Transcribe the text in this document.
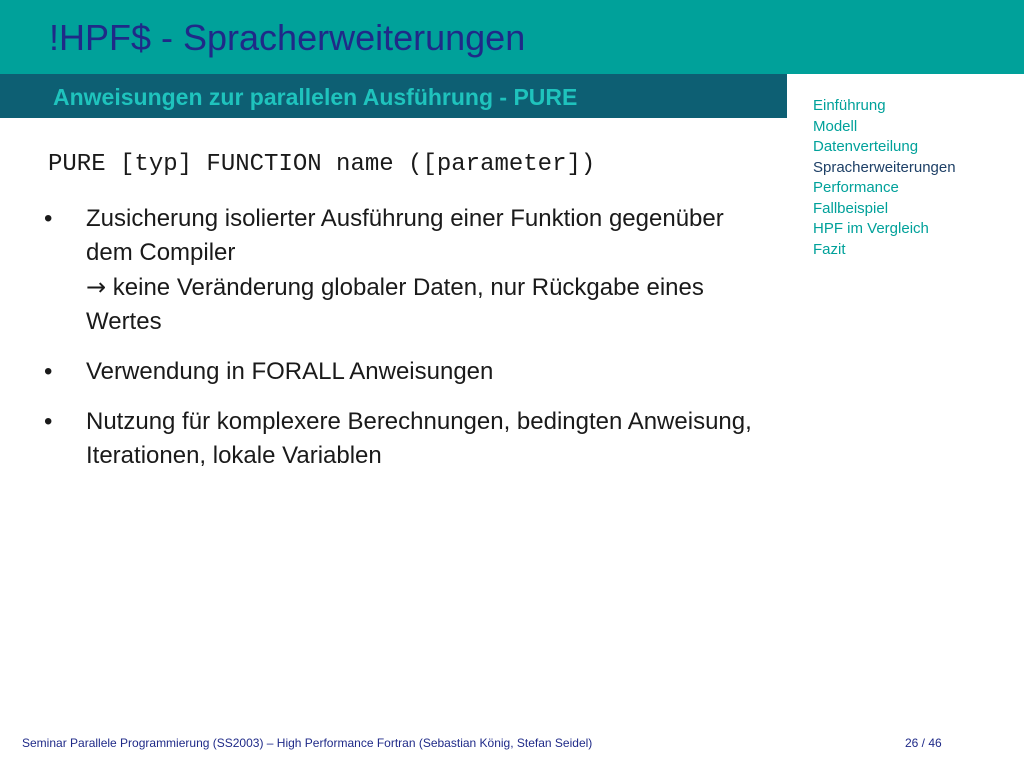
!HPF$ - Spracherweiterungen
Anweisungen zur parallelen Ausführung - PURE
PURE [typ] FUNCTION name ([parameter])
• Zusicherung isolierter Ausführung einer Funktion gegenüber dem Compiler
→ keine Veränderung globaler Daten, nur Rückgabe eines Wertes
• Verwendung in FORALL Anweisungen
• Nutzung für komplexere Berechnungen, bedingten Anweisung, Iterationen, lokale Variablen
Einführung
Modell
Datenverteilung
Spracherweiterungen
Performance
Fallbeispiel
HPF im Vergleich
Fazit
Seminar Parallele Programmierung (SS2003) – High Performance Fortran (Sebastian König, Stefan Seidel)	26 / 46
